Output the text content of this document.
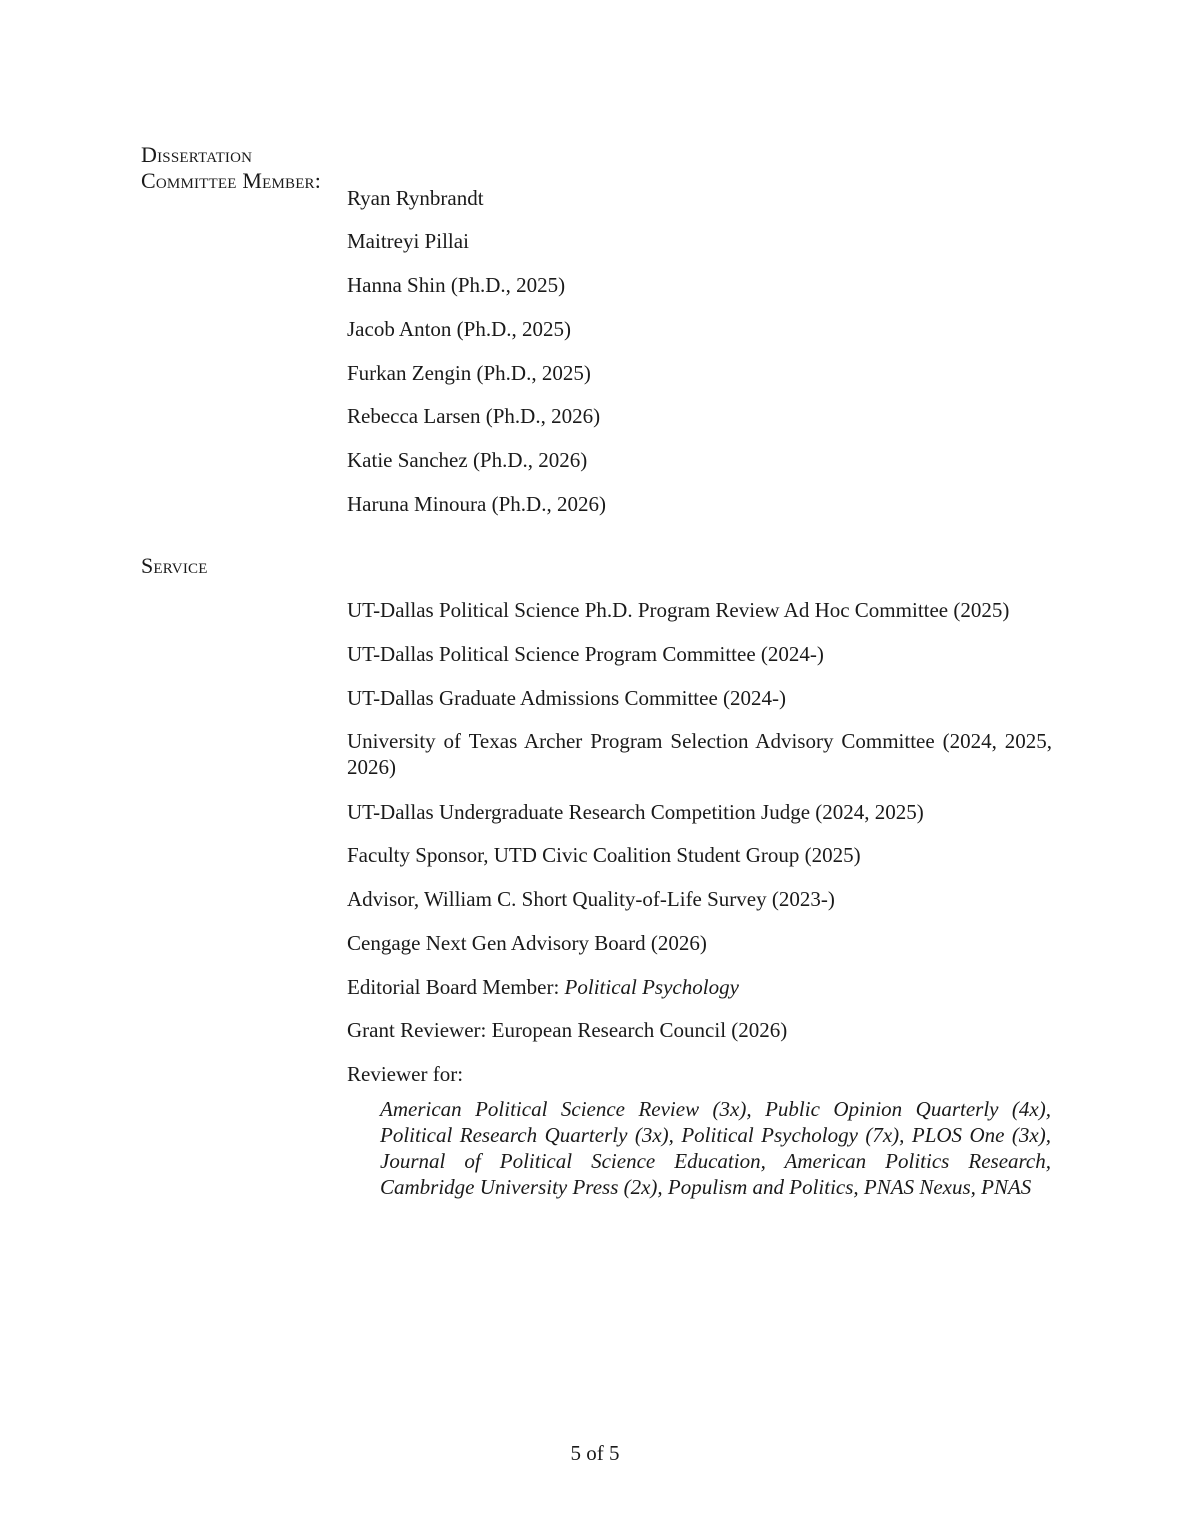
Dissertation Committee Member:
Ryan Rynbrandt
Maitreyi Pillai
Hanna Shin (Ph.D., 2025)
Jacob Anton (Ph.D., 2025)
Furkan Zengin (Ph.D., 2025)
Rebecca Larsen (Ph.D., 2026)
Katie Sanchez (Ph.D., 2026)
Haruna Minoura (Ph.D., 2026)
Service
UT-Dallas Political Science Ph.D. Program Review Ad Hoc Committee (2025)
UT-Dallas Political Science Program Committee (2024-)
UT-Dallas Graduate Admissions Committee (2024-)
University of Texas Archer Program Selection Advisory Committee (2024, 2025, 2026)
UT-Dallas Undergraduate Research Competition Judge (2024, 2025)
Faculty Sponsor, UTD Civic Coalition Student Group (2025)
Advisor, William C. Short Quality-of-Life Survey (2023-)
Cengage Next Gen Advisory Board (2026)
Editorial Board Member: Political Psychology
Grant Reviewer: European Research Council (2026)
Reviewer for:
American Political Science Review (3x), Public Opinion Quarterly (4x), Political Research Quarterly (3x), Political Psychology (7x), PLOS One (3x), Journal of Political Science Education, American Politics Research, Cambridge University Press (2x), Populism and Politics, PNAS Nexus, PNAS
5 of 5
